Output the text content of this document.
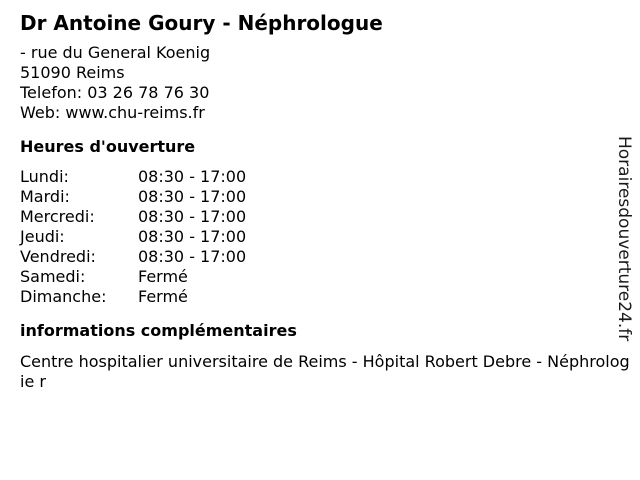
Dr Antoine Goury - Néphrologue
- rue du General Koenig
51090 Reims
Telefon: 03 26 78 76 30
Web: www.chu-reims.fr
Heures d'ouverture
Lundi:	08:30 - 17:00
Mardi:	08:30 - 17:00
Mercredi:	08:30 - 17:00
Jeudi:	08:30 - 17:00
Vendredi:	08:30 - 17:00
Samedi:	Fermé
Dimanche:	Fermé
informations complémentaires
Centre hospitalier universitaire de Reims - Hôpital Robert Debre - Néphrologie r
Horairesdouverture24.fr
